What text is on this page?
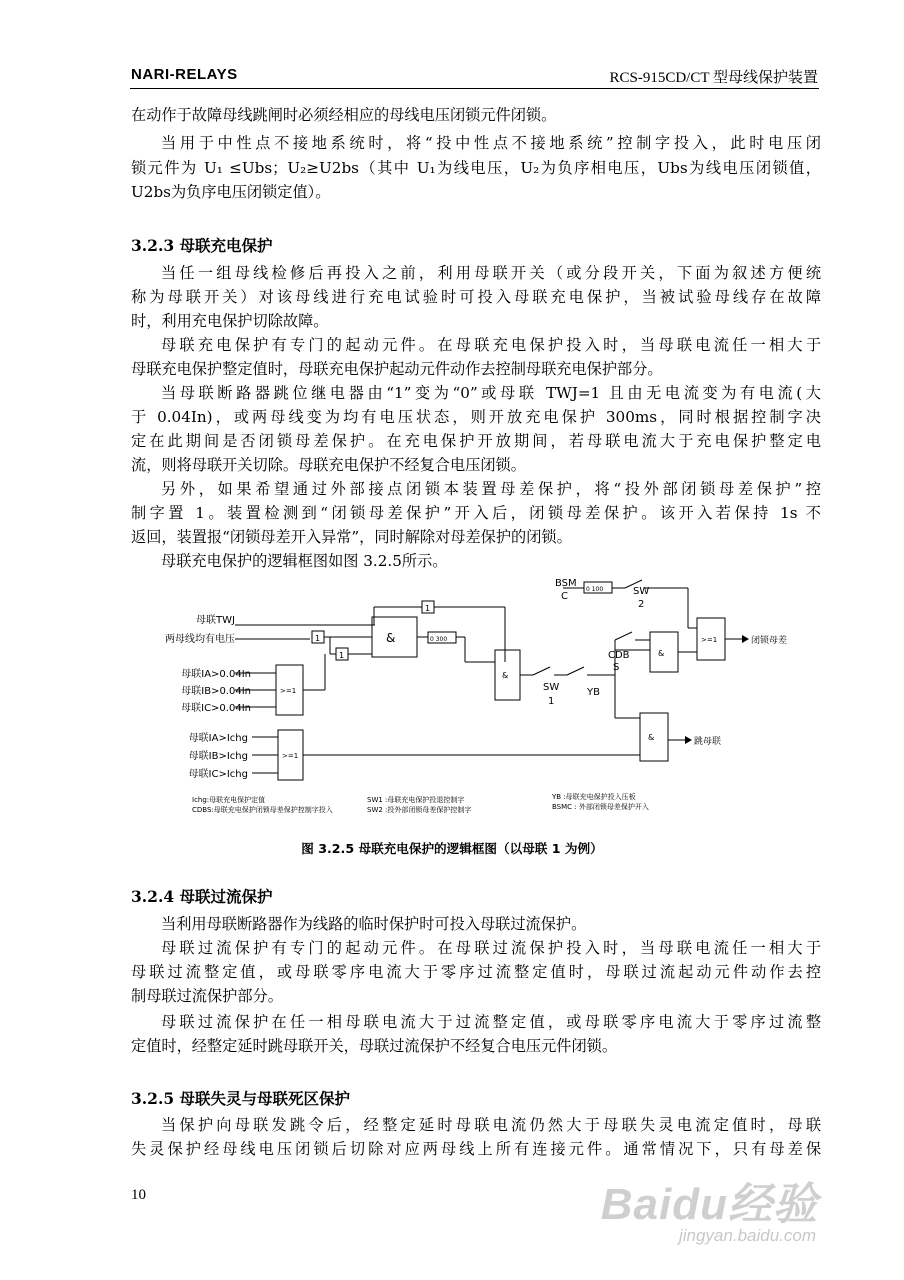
NARI-RELAYS	RCS-915CD/CT 型母线保护装置
在动作于故障母线跳闸时必须经相应的母线电压闭锁元件闭锁。
当用于中性点不接地系统时，将“投中性点不接地系统”控制字投入，此时电压闭
锁元件为 U₁ ≤Ubs；U₂≥U2bs（其中 U₁为线电压，U₂为负序相电压，Ubs为线电压闭锁值，
U2bs为负序电压闭锁定值）。
3.2.3 母联充电保护
当任一组母线检修后再投入之前，利用母联开关（或分段开关，下面为叙述方便统
称为母联开关）对该母线进行充电试验时可投入母联充电保护，当被试验母线存在故障
时，利用充电保护切除故障。
母联充电保护有专门的起动元件。在母联充电保护投入时，当母联电流任一相大于
母联充电保护整定值时，母联充电保护起动元件动作去控制母联充电保护部分。
当母联断路器跳位继电器由“1”变为“0”或母联 TWJ=1 且由无电流变为有电流(大
于 0.04In)，或两母线变为均有电压状态，则开放充电保护 300ms，同时根据控制字决
定在此期间是否闭锁母差保护。在充电保护开放期间，若母联电流大于充电保护整定电
流，则将母联开关切除。母联充电保护不经复合电压闭锁。
另外，如果希望通过外部接点闭锁本装置母差保护，将“投外部闭锁母差保护”控
制字置 1。装置检测到“闭锁母差保护”开入后，闭锁母差保护。该开入若保持 1s 不
返回，装置报“闭锁母差开入异常”，同时解除对母差保护的闭锁。
母联充电保护的逻辑框图如图 3.2.5所示。
1
1
1
&	0 300
>=1
&
0 100
&
>=1
>=1
&
母联TWJ
两母线均有电压
母联IA>0.04In
母联IB>0.04In
母联IC>0.04In
母联IA>Ichg
母联IB>Ichg
母联IC>Ichg
BSM
C	SW
2
CDB
S
SW
1
YB
闭锁母差
跳母联
Ichg:母联充电保护定值
CDBS:母联充电保护闭锁母差保护控制字投入
SW1 :母联充电保护投退控制字
SW2 :投外部闭锁母差保护控制字
YB :母联充电保护投入压板
BSMC : 外部闭锁母差保护开入
图 3.2.5 母联充电保护的逻辑框图（以母联 1 为例）
3.2.4 母联过流保护
当利用母联断路器作为线路的临时保护时可投入母联过流保护。
母联过流保护有专门的起动元件。在母联过流保护投入时，当母联电流任一相大于
母联过流整定值，或母联零序电流大于零序过流整定值时，母联过流起动元件动作去控
制母联过流保护部分。
母联过流保护在任一相母联电流大于过流整定值，或母联零序电流大于零序过流整
定值时，经整定延时跳母联开关，母联过流保护不经复合电压元件闭锁。
3.2.5 母联失灵与母联死区保护
当保护向母联发跳令后，经整定延时母联电流仍然大于母联失灵电流定值时，母联
失灵保护经母线电压闭锁后切除对应两母线上所有连接元件。通常情况下，只有母差保
10	Baidu经验
jingyan.baidu.com
